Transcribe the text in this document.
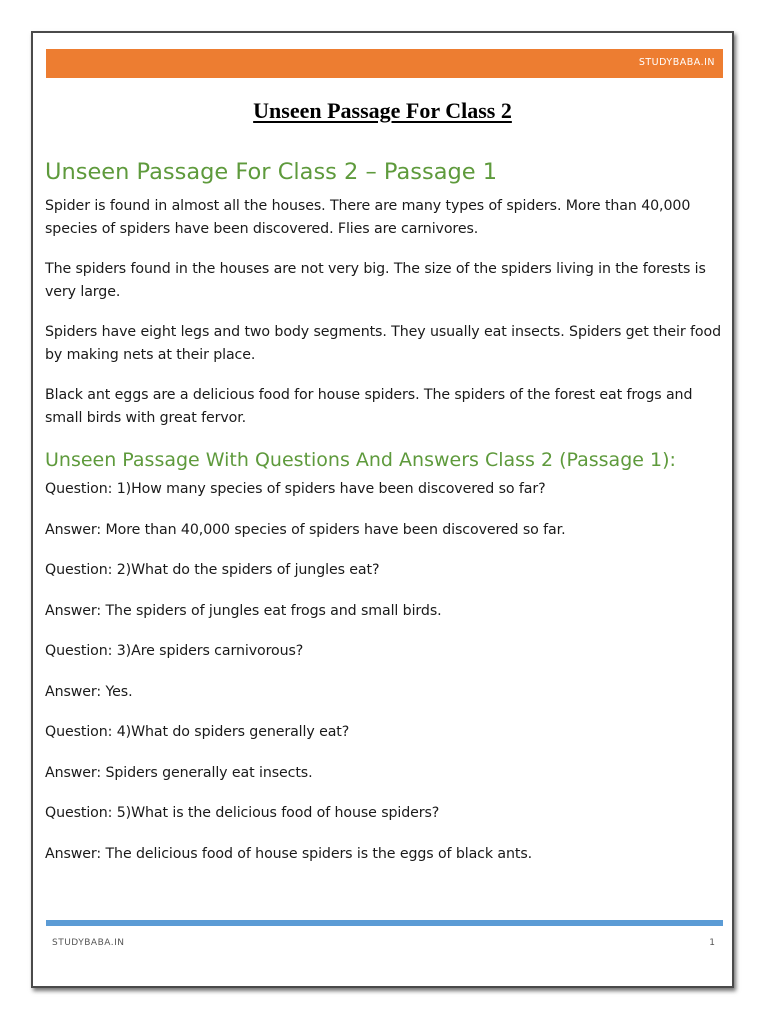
STUDYBABA.IN
Unseen Passage For Class 2
Unseen Passage For Class 2 – Passage 1

Spider is found in almost all the houses. There are many types of spiders. More than 40,000 species of spiders have been discovered. Flies are carnivores.

The spiders found in the houses are not very big. The size of the spiders living in the forests is very large.

Spiders have eight legs and two body segments. They usually eat insects. Spiders get their food by making nets at their place.

Black ant eggs are a delicious food for house spiders. The spiders of the forest eat frogs and small birds with great fervor.

Unseen Passage With Questions And Answers Class 2 (Passage 1):

Question: 1)How many species of spiders have been discovered so far?

Answer: More than 40,000 species of spiders have been discovered so far.

Question: 2)What do the spiders of jungles eat?

Answer: The spiders of jungles eat frogs and small birds.

Question: 3)Are spiders carnivorous?

Answer: Yes.

Question: 4)What do spiders generally eat?

Answer: Spiders generally eat insects.

Question: 5)What is the delicious food of house spiders?

Answer: The delicious food of house spiders is the eggs of black ants.

STUDYBABA.IN	1
